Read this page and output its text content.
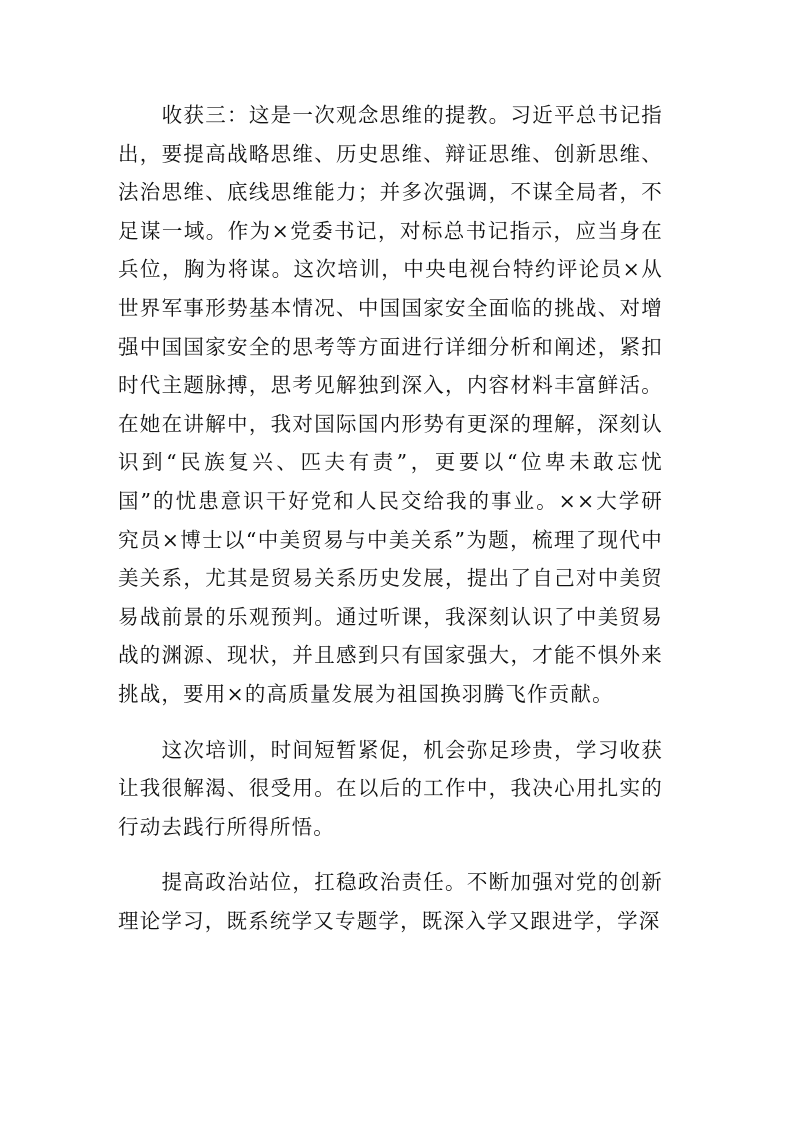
　　收获三：这是一次观念思维的提教。习近平总书记指出，要提高战略思维、历史思维、辩证思维、创新思维、法治思维、底线思维能力；并多次强调，不谋全局者，不足谋一域。作为×党委书记，对标总书记指示，应当身在兵位，胸为将谋。这次培训，中央电视台特约评论员×从世界军事形势基本情况、中国国家安全面临的挑战、对增强中国国家安全的思考等方面进行详细分析和阐述，紧扣时代主题脉搏，思考见解独到深入，内容材料丰富鲜活。在她在讲解中，我对国际国内形势有更深的理解，深刻认识到“民族复兴、匹夫有责”，更要以“位卑未敢忘忧国”的忧患意识干好党和人民交给我的事业。××大学研究员×博士以“中美贸易与中美关系”为题，梳理了现代中美关系，尤其是贸易关系历史发展，提出了自己对中美贸易战前景的乐观预判。通过听课，我深刻认识了中美贸易战的渊源、现状，并且感到只有国家强大，才能不惧外来挑战，要用×的高质量发展为祖国换羽腾飞作贡献。

　　这次培训，时间短暂紧促，机会弥足珍贵，学习收获让我很解渴、很受用。在以后的工作中，我决心用扎实的行动去践行所得所悟。

　　提高政治站位，扛稳政治责任。不断加强对党的创新理论学习，既系统学又专题学，既深入学又跟进学，学深
